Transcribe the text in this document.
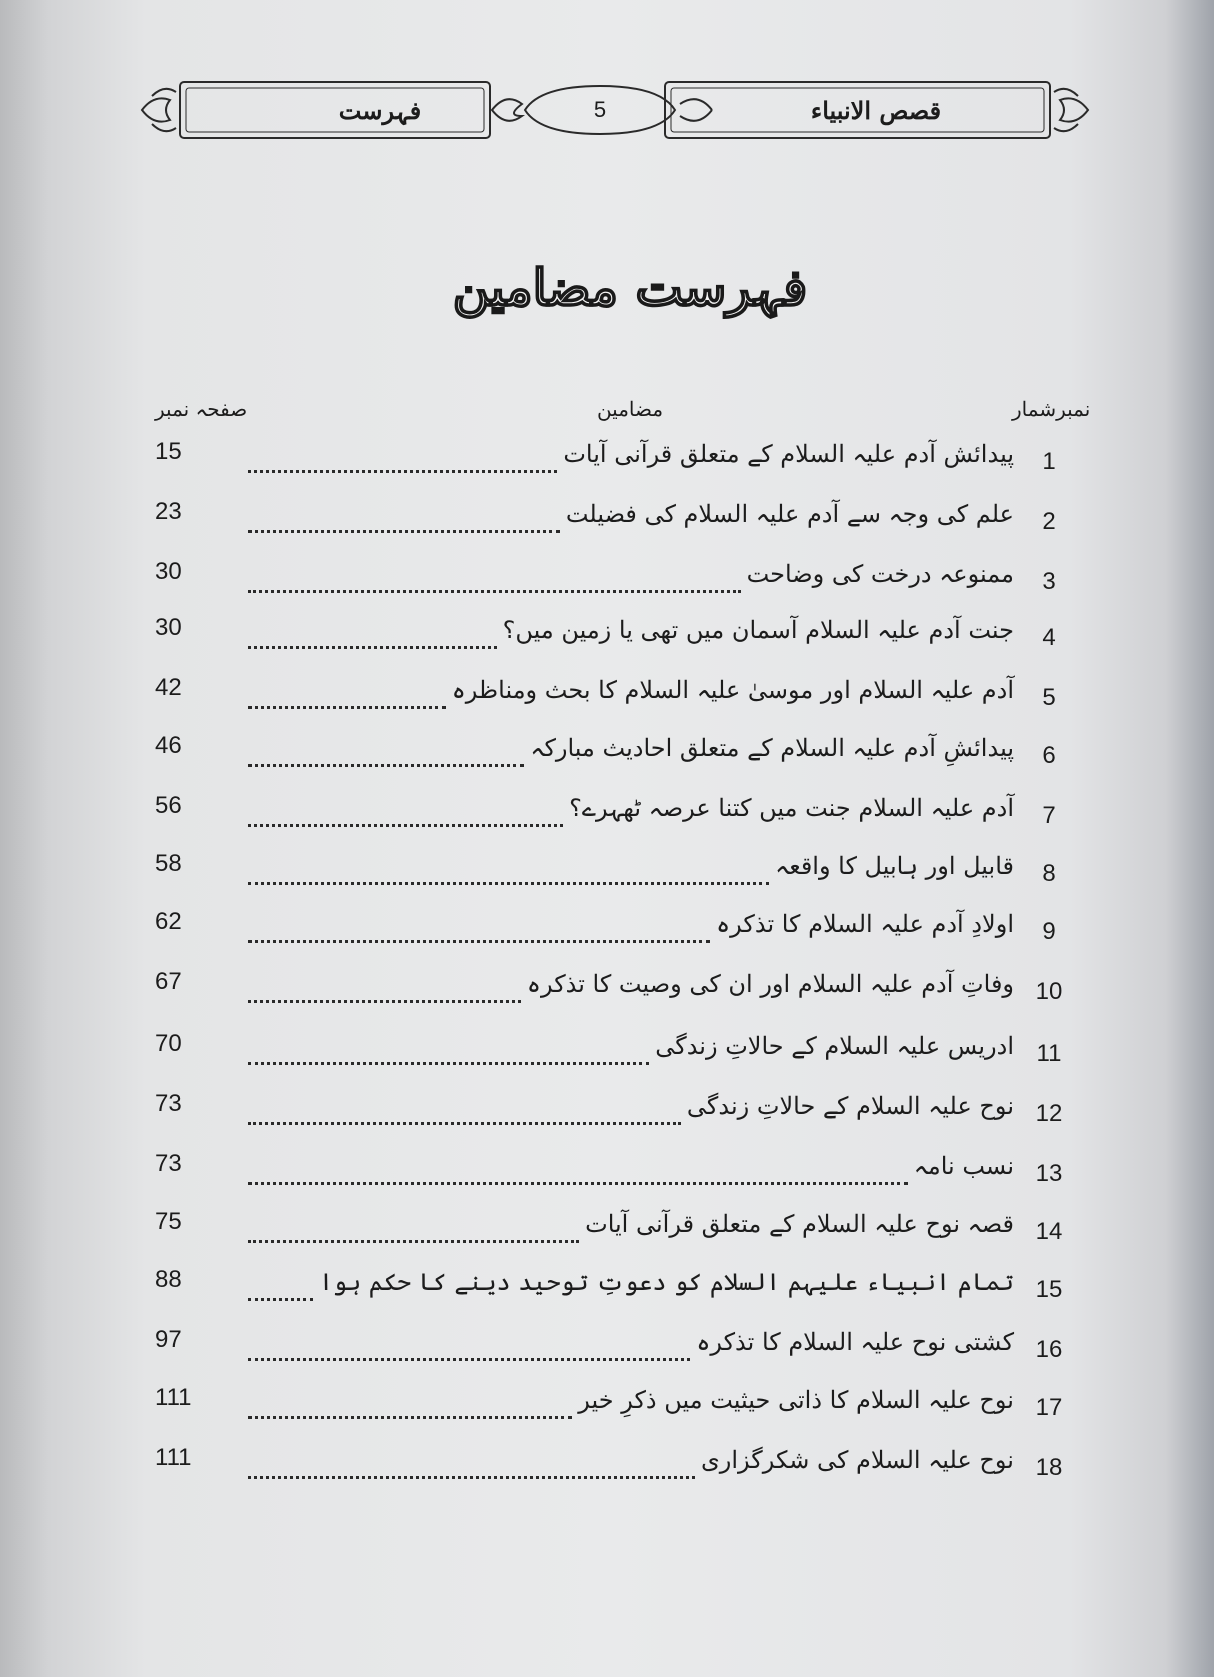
فہرست	5	قصص الانبیاء
فہرست مضامین
نمبرشمار
مضامین
صفحہ نمبر
1
پیدائش آدم علیہ السلام کے متعلق قرآنی آیات
15
2
علم کی وجہ سے آدم علیہ السلام کی فضیلت
23
3
ممنوعہ درخت کی وضاحت
30
4
جنت آدم علیہ السلام آسمان میں تھی یا زمین میں؟
30
5
آدم علیہ السلام اور موسیٰ علیہ السلام کا بحث ومناظرہ
42
6
پیدائشِ آدم علیہ السلام کے متعلق احادیث مبارکہ
46
7
آدم علیہ السلام جنت میں کتنا عرصہ ٹھہرے؟
56
8
قابیل اور ہابیل کا واقعہ
58
9
اولادِ آدم علیہ السلام کا تذکرہ
62
10
وفاتِ آدم علیہ السلام اور ان کی وصیت کا تذکرہ
67
11
ادریس علیہ السلام کے حالاتِ زندگی
70
12
نوح علیہ السلام کے حالاتِ زندگی
73
13
نسب نامہ
73
14
قصہ نوح علیہ السلام کے متعلق قرآنی آیات
75
15
تمام انبیاء علیہم السلام کو دعوتِ توحید دینے کا حکم ہوا
88
16
کشتی نوح علیہ السلام کا تذکرہ
97
17
نوح علیہ السلام کا ذاتی حیثیت میں ذکرِ خیر
111
18
نوح علیہ السلام کی شکرگزاری
111
